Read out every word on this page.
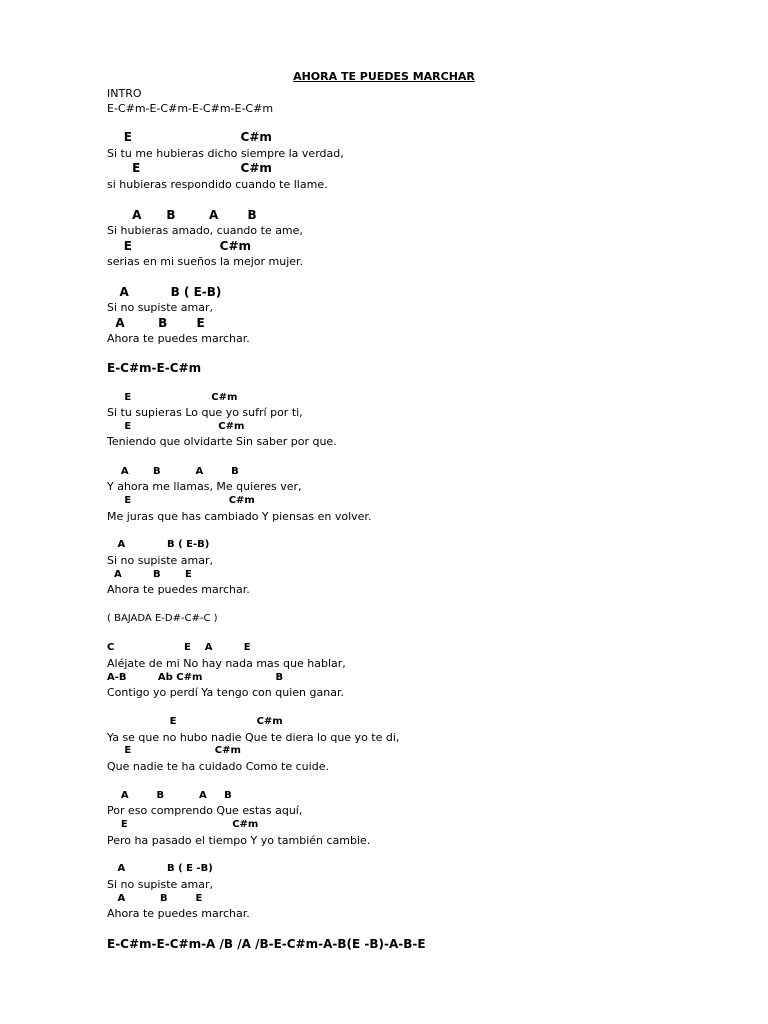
AHORA TE PUEDES MARCHAR
INTRO
E-C#m-E-C#m-E-C#m-E-C#m
E                          C#m
Si tu me hubieras dicho siempre la verdad,
E                        C#m
si hubieras respondido cuando te llame.
A      B        A       B
Si hubieras amado, cuando te ame,
E                     C#m
serias en mi sueños la mejor mujer.
A          B ( E-B)
Si no supiste amar,
A        B       E
Ahora te puedes marchar.
E-C#m-E-C#m
E                       C#m
Si tu supieras Lo que yo sufrí por ti,
E                         C#m
Teniendo que olvidarte Sin saber por que.
A       B          A        B
Y ahora me llamas, Me quieres ver,
E                            C#m
Me juras que has cambiado Y piensas en volver.
A            B ( E-B)
Si no supiste amar,
A         B       E
Ahora te puedes marchar.
( BAJADA E-D#-C#-C )
C                    E    A         E
Aléjate de mi No hay nada mas que hablar,
A-B         Ab C#m                     B
Contigo yo perdí Ya tengo con quien ganar.
E                       C#m
Ya se que no hubo nadie Que te diera lo que yo te di,
E                        C#m
Que nadie te ha cuidado Como te cuide.
A        B          A     B
Por eso comprendo Que estas aquí,
E                              C#m
Pero ha pasado el tiempo Y yo también cambie.
A            B ( E -B)
Si no supiste amar,
A          B        E
Ahora te puedes marchar.
E-C#m-E-C#m-A /B /A /B-E-C#m-A-B(E -B)-A-B-E
